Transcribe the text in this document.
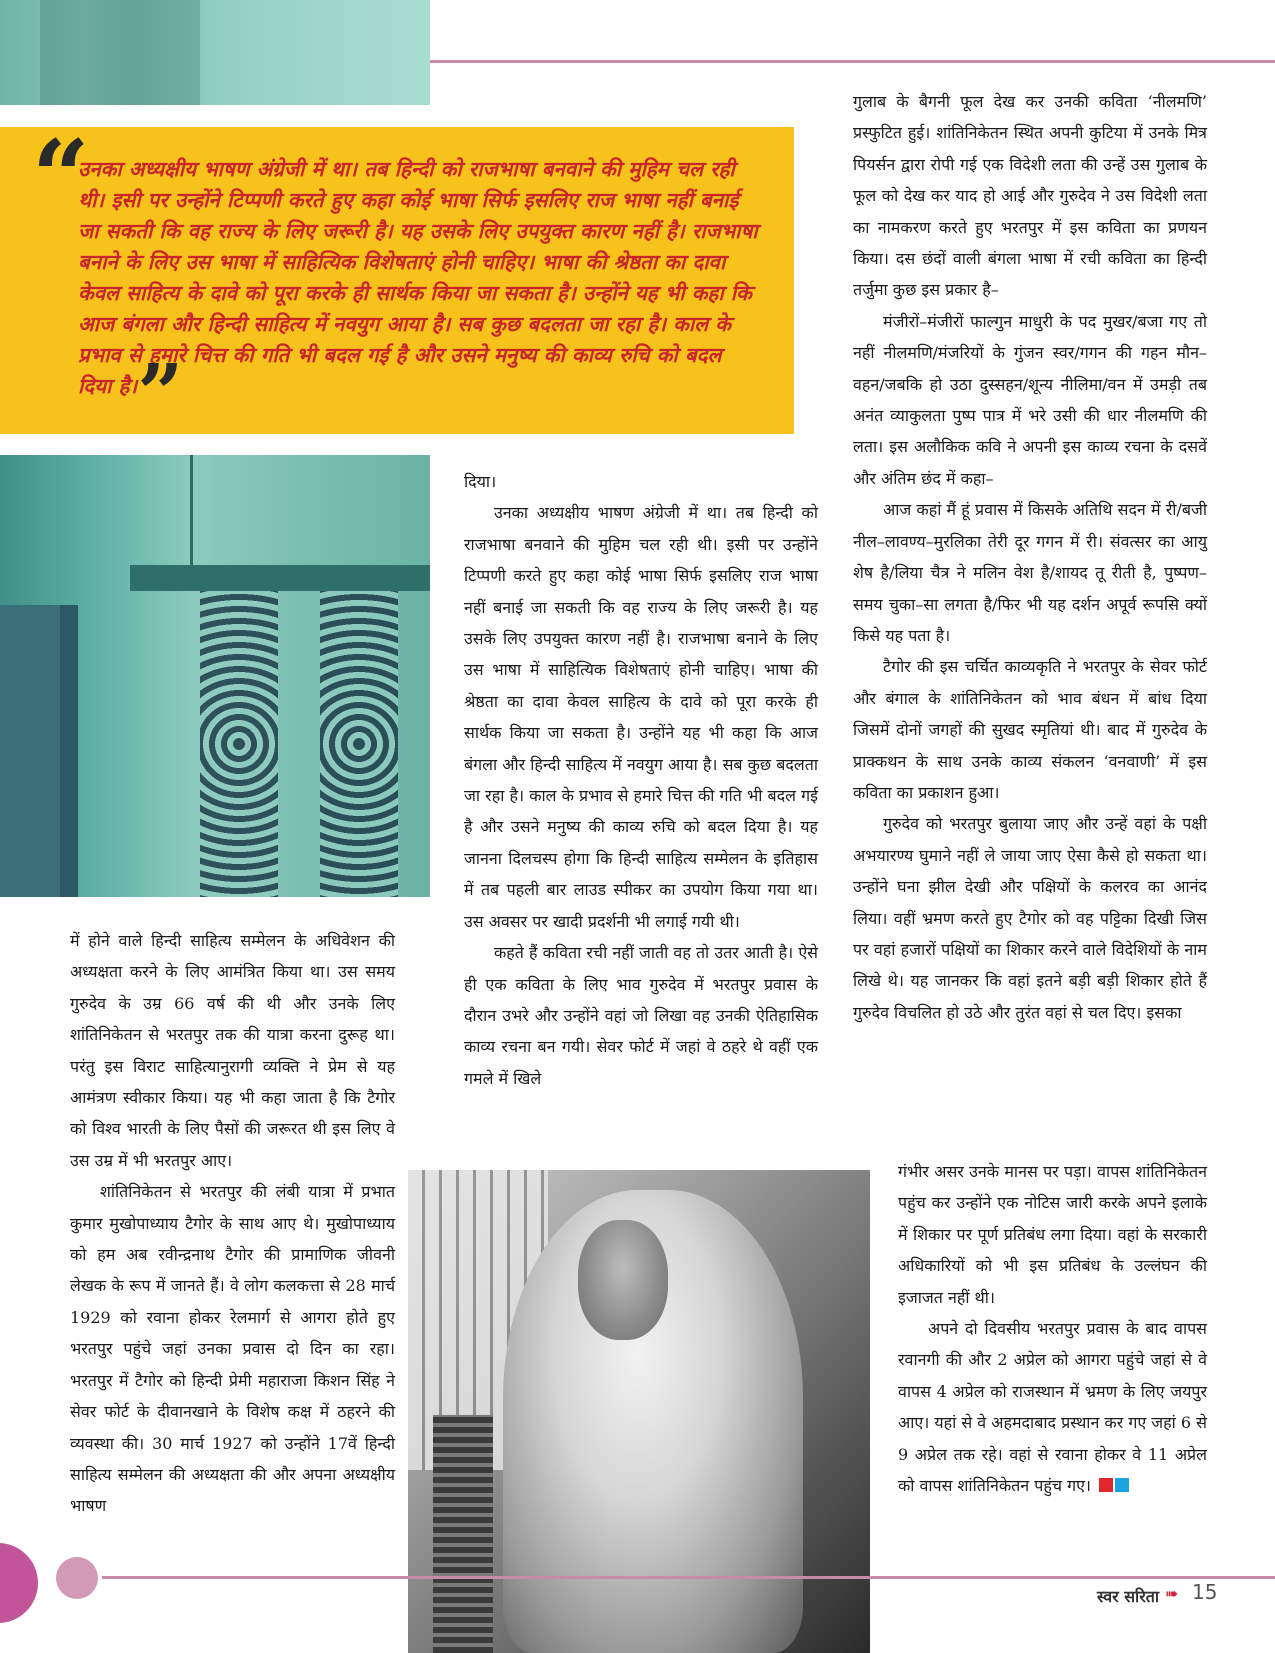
“
उनका अध्यक्षीय भाषण अंग्रेजी में था। तब हिन्दी को राजभाषा बनवाने की मुहिम चल रही थी। इसी पर उन्होंने टिप्पणी करते हुए कहा कोई भाषा सिर्फ इसलिए राज भाषा नहीं बनाई जा सकती कि वह राज्य के लिए जरूरी है। यह उसके लिए उपयुक्त कारण नहीं है। राजभाषा बनाने के लिए उस भाषा में साहित्यिक विशेषताएं होनी चाहिए। भाषा की श्रेष्ठता का दावा केवल साहित्य के दावे को पूरा करके ही सार्थक किया जा सकता है। उन्होंने यह भी कहा कि आज बंगला और हिन्दी साहित्य में नवयुग आया है। सब कुछ बदलता जा रहा है। काल के प्रभाव से हमारे चित्त की गति भी बदल गई है और उसने मनुष्य की काव्य रुचि को बदल दिया है।”

में होने वाले हिन्दी साहित्य सम्मेलन के अधिवेशन की अध्यक्षता करने के लिए आमंत्रित किया था। उस समय गुरुदेव के उम्र 66 वर्ष की थी और उनके लिए शांतिनिकेतन से भरतपुर तक की यात्रा करना दुरूह था। परंतु इस विराट साहित्यानुरागी व्यक्ति ने प्रेम से यह आमंत्रण स्वीकार किया। यह भी कहा जाता है कि टैगोर को विश्व भारती के लिए पैसों की जरूरत थी इस लिए वे उस उम्र में भी भरतपुर आए।

शांतिनिकेतन से भरतपुर की लंबी यात्रा में प्रभात कुमार मुखोपाध्याय टैगोर के साथ आए थे। मुखोपाध्याय को हम अब रवीन्द्रनाथ टैगोर की प्रामाणिक जीवनी लेखक के रूप में जानते हैं। वे लोग कलकत्ता से 28 मार्च 1929 को रवाना होकर रेलमार्ग से आगरा होते हुए भरतपुर पहुंचे जहां उनका प्रवास दो दिन का रहा। भरतपुर में टैगोर को हिन्दी प्रेमी महाराजा किशन सिंह ने सेवर फोर्ट के दीवानखाने के विशेष कक्ष में ठहरने की व्यवस्था की। 30 मार्च 1927 को उन्होंने 17वें हिन्दी साहित्य सम्मेलन की अध्यक्षता की और अपना अध्यक्षीय भाषण

दिया।

उनका अध्यक्षीय भाषण अंग्रेजी में था। तब हिन्दी को राजभाषा बनवाने की मुहिम चल रही थी। इसी पर उन्होंने टिप्पणी करते हुए कहा कोई भाषा सिर्फ इसलिए राज भाषा नहीं बनाई जा सकती कि वह राज्य के लिए जरूरी है। यह उसके लिए उपयुक्त कारण नहीं है। राजभाषा बनाने के लिए उस भाषा में साहित्यिक विशेषताएं होनी चाहिए। भाषा की श्रेष्ठता का दावा केवल साहित्य के दावे को पूरा करके ही सार्थक किया जा सकता है। उन्होंने यह भी कहा कि आज बंगला और हिन्दी साहित्य में नवयुग आया है। सब कुछ बदलता जा रहा है। काल के प्रभाव से हमारे चित्त की गति भी बदल गई है और उसने मनुष्य की काव्य रुचि को बदल दिया है। यह जानना दिलचस्प होगा कि हिन्दी साहित्य सम्मेलन के इतिहास में तब पहली बार लाउड स्पीकर का उपयोग किया गया था। उस अवसर पर खादी प्रदर्शनी भी लगाई गयी थी।

कहते हैं कविता रची नहीं जाती वह तो उतर आती है। ऐसे ही एक कविता के लिए भाव गुरुदेव में भरतपुर प्रवास के दौरान उभरे और उन्होंने वहां जो लिखा वह उनकी ऐतिहासिक काव्य रचना बन गयी। सेवर फोर्ट में जहां वे ठहरे थे वहीं एक गमले में खिले

गुलाब के बैगनी फूल देख कर उनकी कविता ‘नीलमणि’ प्रस्फुटित हुई। शांतिनिकेतन स्थित अपनी कुटिया में उनके मित्र पियर्सन द्वारा रोपी गई एक विदेशी लता की उन्हें उस गुलाब के फूल को देख कर याद हो आई और गुरुदेव ने उस विदेशी लता का नामकरण करते हुए भरतपुर में इस कविता का प्रणयन किया। दस छंदों वाली बंगला भाषा में रची कविता का हिन्दी तर्जुमा कुछ इस प्रकार है–

मंजीरों–मंजीरों फाल्गुन माधुरी के पद मुखर/बजा गए तो नहीं नीलमणि/मंजरियों के गुंजन स्वर/गगन की गहन मौन– वहन/जबकि हो उठा दुस्सहन/शून्य नीलिमा/वन में उमड़ी तब अनंत व्याकुलता पुष्प पात्र में भरे उसी की धार नीलमणि की लता। इस अलौकिक कवि ने अपनी इस काव्य रचना के दसवें और अंतिम छंद में कहा–

आज कहां मैं हूं प्रवास में किसके अतिथि सदन में री/बजी नील–लावण्य–मुरलिका तेरी दूर गगन में री। संवत्सर का आयु शेष है/लिया चैत्र ने मलिन वेश है/शायद तू रीती है, पुष्पण–समय चुका–सा लगता है/फिर भी यह दर्शन अपूर्व रूपसि क्यों किसे यह पता है।

टैगोर की इस चर्चित काव्यकृति ने भरतपुर के सेवर फोर्ट और बंगाल के शांतिनिकेतन को भाव बंधन में बांध दिया जिसमें दोनों जगहों की सुखद स्मृतियां थी। बाद में गुरुदेव के प्राक्कथन के साथ उनके काव्य संकलन ‘वनवाणी’ में इस कविता का प्रकाशन हुआ।

गुरुदेव को भरतपुर बुलाया जाए और उन्हें वहां के पक्षी अभयारण्य घुमाने नहीं ले जाया जाए ऐसा कैसे हो सकता था। उन्होंने घना झील देखी और पक्षियों के कलरव का आनंद लिया। वहीं भ्रमण करते हुए टैगोर को वह पट्टिका दिखी जिस पर वहां हजारों पक्षियों का शिकार करने वाले विदेशियों के नाम लिखे थे। यह जानकर कि वहां इतने बड़ी बड़ी शिकार होते हैं गुरुदेव विचलित हो उठे और तुरंत वहां से चल दिए। इसका

गंभीर असर उनके मानस पर पड़ा। वापस शांतिनिकेतन पहुंच कर उन्होंने एक नोटिस जारी करके अपने इलाके में शिकार पर पूर्ण प्रतिबंध लगा दिया। वहां के सरकारी अधिकारियों को भी इस प्रतिबंध के उल्लंघन की इजाजत नहीं थी।

अपने दो दिवसीय भरतपुर प्रवास के बाद वापस रवानगी की और 2 अप्रेल को आगरा पहुंचे जहां से वे वापस 4 अप्रेल को राजस्थान में भ्रमण के लिए जयपुर आए। यहां से वे अहमदाबाद प्रस्थान कर गए जहां 6 से 9 अप्रेल तक रहे। वहां से रवाना होकर वे 11 अप्रेल को वापस शांतिनिकेतन पहुंच गए।

स्वर सरिता ➠ 15
